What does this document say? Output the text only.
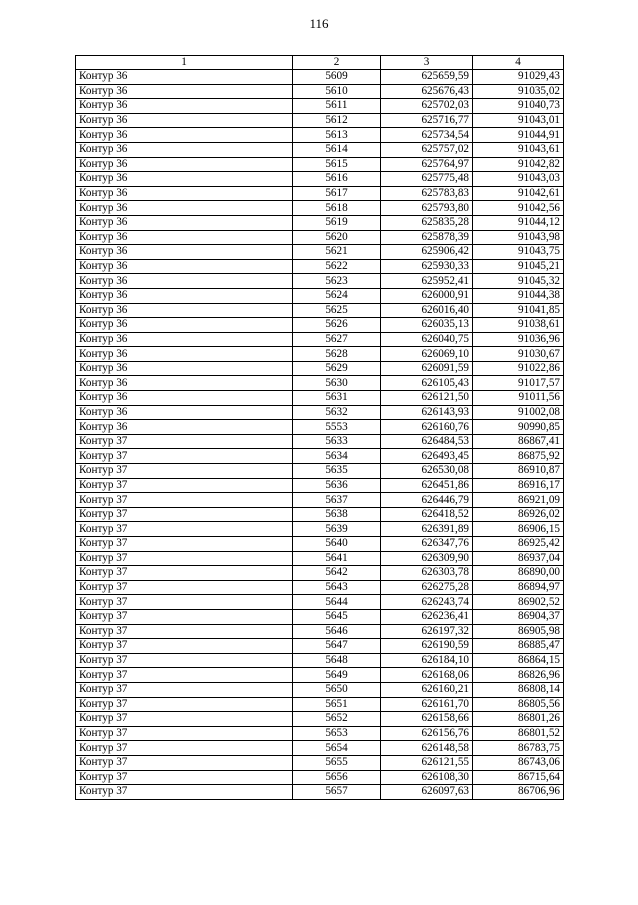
116
1	2	3	4
Контур 36	5609	625659,59	91029,43
Контур 36	5610	625676,43	91035,02
Контур 36	5611	625702,03	91040,73
Контур 36	5612	625716,77	91043,01
Контур 36	5613	625734,54	91044,91
Контур 36	5614	625757,02	91043,61
Контур 36	5615	625764,97	91042,82
Контур 36	5616	625775,48	91043,03
Контур 36	5617	625783,83	91042,61
Контур 36	5618	625793,80	91042,56
Контур 36	5619	625835,28	91044,12
Контур 36	5620	625878,39	91043,98
Контур 36	5621	625906,42	91043,75
Контур 36	5622	625930,33	91045,21
Контур 36	5623	625952,41	91045,32
Контур 36	5624	626000,91	91044,38
Контур 36	5625	626016,40	91041,85
Контур 36	5626	626035,13	91038,61
Контур 36	5627	626040,75	91036,96
Контур 36	5628	626069,10	91030,67
Контур 36	5629	626091,59	91022,86
Контур 36	5630	626105,43	91017,57
Контур 36	5631	626121,50	91011,56
Контур 36	5632	626143,93	91002,08
Контур 36	5553	626160,76	90990,85
Контур 37	5633	626484,53	86867,41
Контур 37	5634	626493,45	86875,92
Контур 37	5635	626530,08	86910,87
Контур 37	5636	626451,86	86916,17
Контур 37	5637	626446,79	86921,09
Контур 37	5638	626418,52	86926,02
Контур 37	5639	626391,89	86906,15
Контур 37	5640	626347,76	86925,42
Контур 37	5641	626309,90	86937,04
Контур 37	5642	626303,78	86890,00
Контур 37	5643	626275,28	86894,97
Контур 37	5644	626243,74	86902,52
Контур 37	5645	626236,41	86904,37
Контур 37	5646	626197,32	86905,98
Контур 37	5647	626190,59	86885,47
Контур 37	5648	626184,10	86864,15
Контур 37	5649	626168,06	86826,96
Контур 37	5650	626160,21	86808,14
Контур 37	5651	626161,70	86805,56
Контур 37	5652	626158,66	86801,26
Контур 37	5653	626156,76	86801,52
Контур 37	5654	626148,58	86783,75
Контур 37	5655	626121,55	86743,06
Контур 37	5656	626108,30	86715,64
Контур 37	5657	626097,63	86706,96
